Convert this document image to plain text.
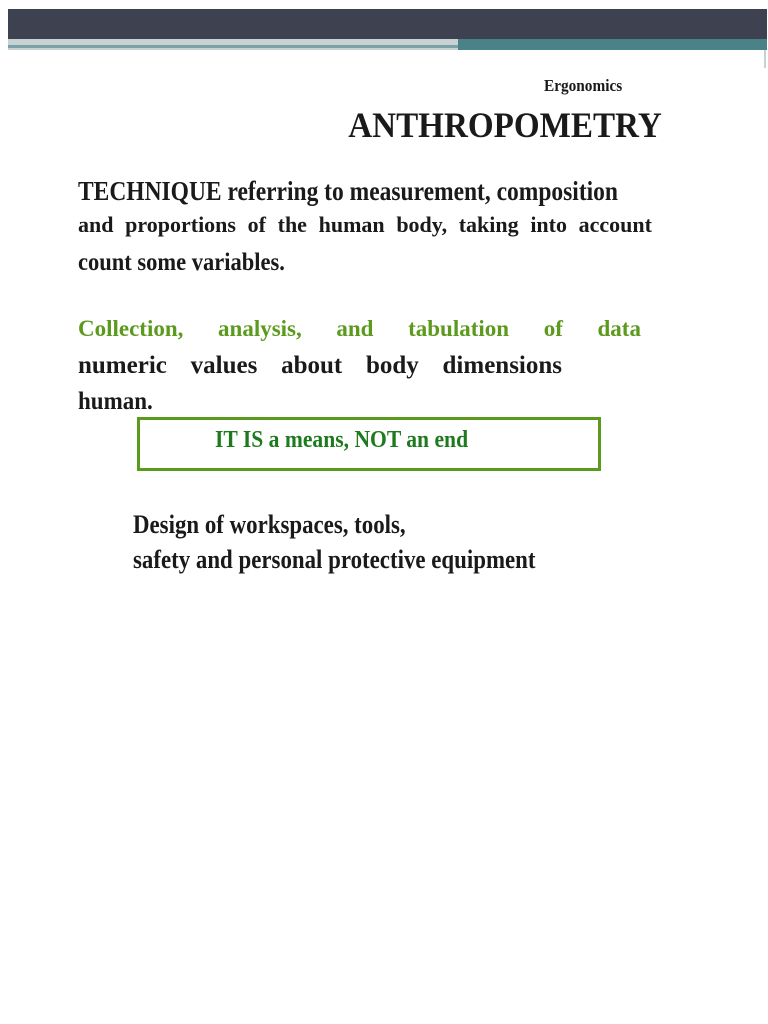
Ergonomics
ANTHROPOMETRY
TECHNIQUE referring to measurement, composition
and proportions of the human body, taking into account
count some variables.
Collection, analysis, and tabulation of data
numeric values about body dimensions
human.
IT IS a means, NOT an end
Design of workspaces, tools,
safety and personal protective equipment
